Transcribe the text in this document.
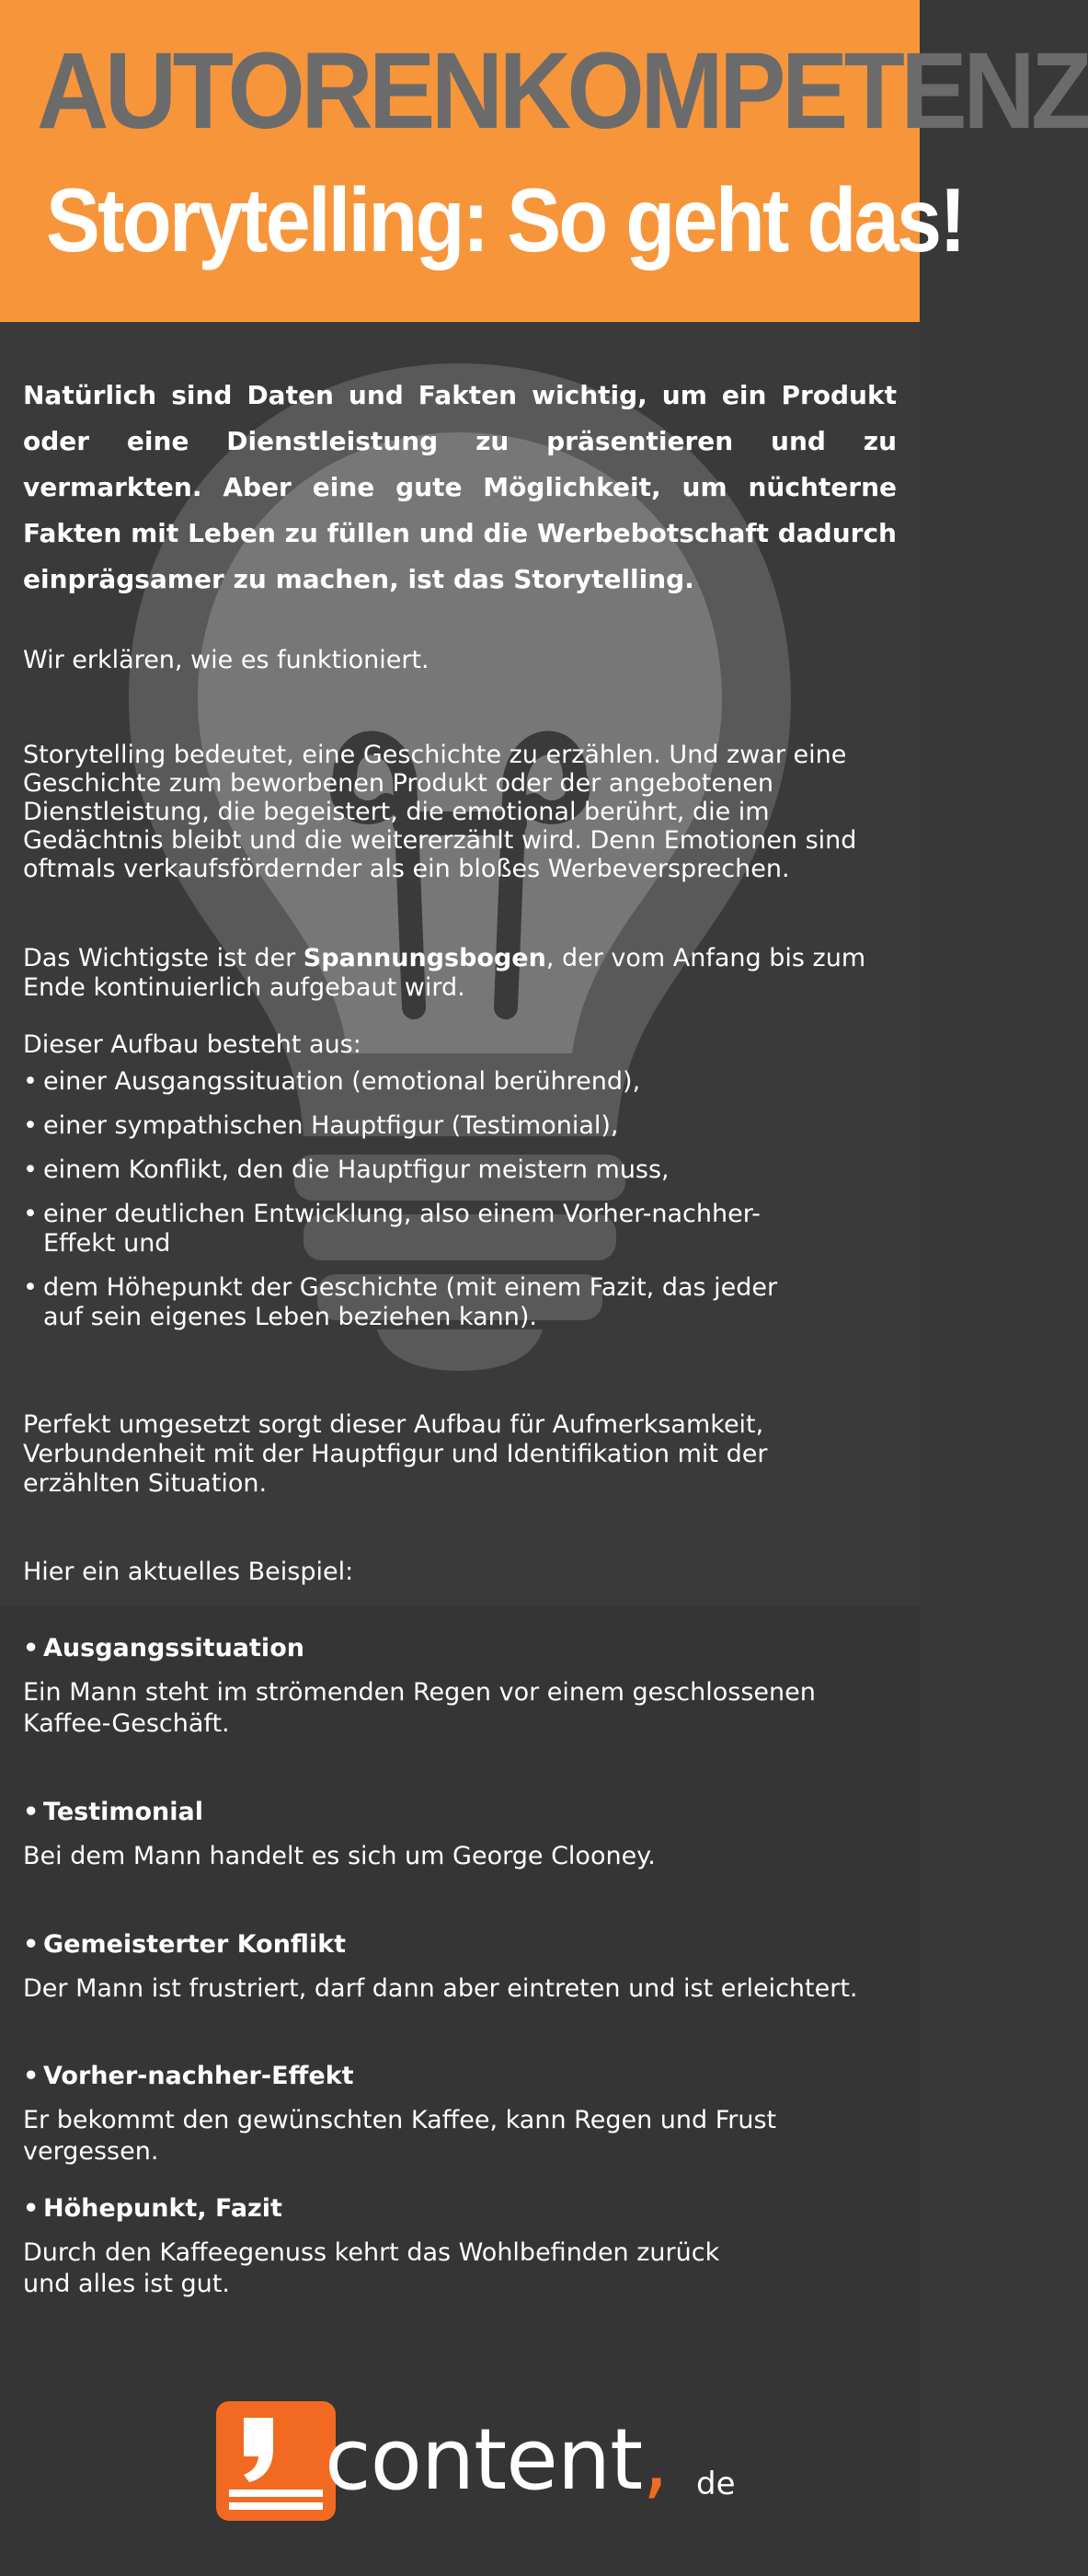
AUTORENKOMPETENZ
Storytelling: So geht das!

Natürlich sind Daten und Fakten wichtig, um ein Produkt oder eine Dienstleistung zu präsentieren und zu vermarkten. Aber eine gute Möglichkeit, um nüchterne Fakten mit Leben zu füllen und die Werbebotschaft dadurch einprägsamer zu machen, ist das Storytelling.

Wir erklären, wie es funktioniert.

Storytelling bedeutet, eine Geschichte zu erzählen. Und zwar eine Geschichte zum beworbenen Produkt oder der angebotenen Dienstleistung, die begeistert, die emotional berührt, die im Gedächtnis bleibt und die weitererzählt wird. Denn Emotionen sind oftmals verkaufsfördernder als ein bloßes Werbeversprechen.

Das Wichtigste ist der Spannungsbogen, der vom Anfang bis zum Ende kontinuierlich aufgebaut wird.

Dieser Aufbau besteht aus:

• einer Ausgangssituation (emotional berührend),
• einer sympathischen Hauptfigur (Testimonial),
• einem Konflikt, den die Hauptfigur meistern muss,
• einer deutlichen Entwicklung, also einem Vorher-nachher-Effekt und
• dem Höhepunkt der Geschichte (mit einem Fazit, das jeder auf sein eigenes Leben beziehen kann).

Perfekt umgesetzt sorgt dieser Aufbau für Aufmerksamkeit, Verbundenheit mit der Hauptfigur und Identifikation mit der erzählten Situation.

Hier ein aktuelles Beispiel:

• Ausgangssituation
Ein Mann steht im strömenden Regen vor einem geschlossenen Kaffee-Geschäft.
• Testimonial
Bei dem Mann handelt es sich um George Clooney.
• Gemeisterter Konflikt
Der Mann ist frustriert, darf dann aber eintreten und ist erleichtert.
• Vorher-nachher-Effekt
Er bekommt den gewünschten Kaffee, kann Regen und Frust vergessen.
• Höhepunkt, Fazit
Durch den Kaffeegenuss kehrt das Wohlbefinden zurück und alles ist gut.
content, de
